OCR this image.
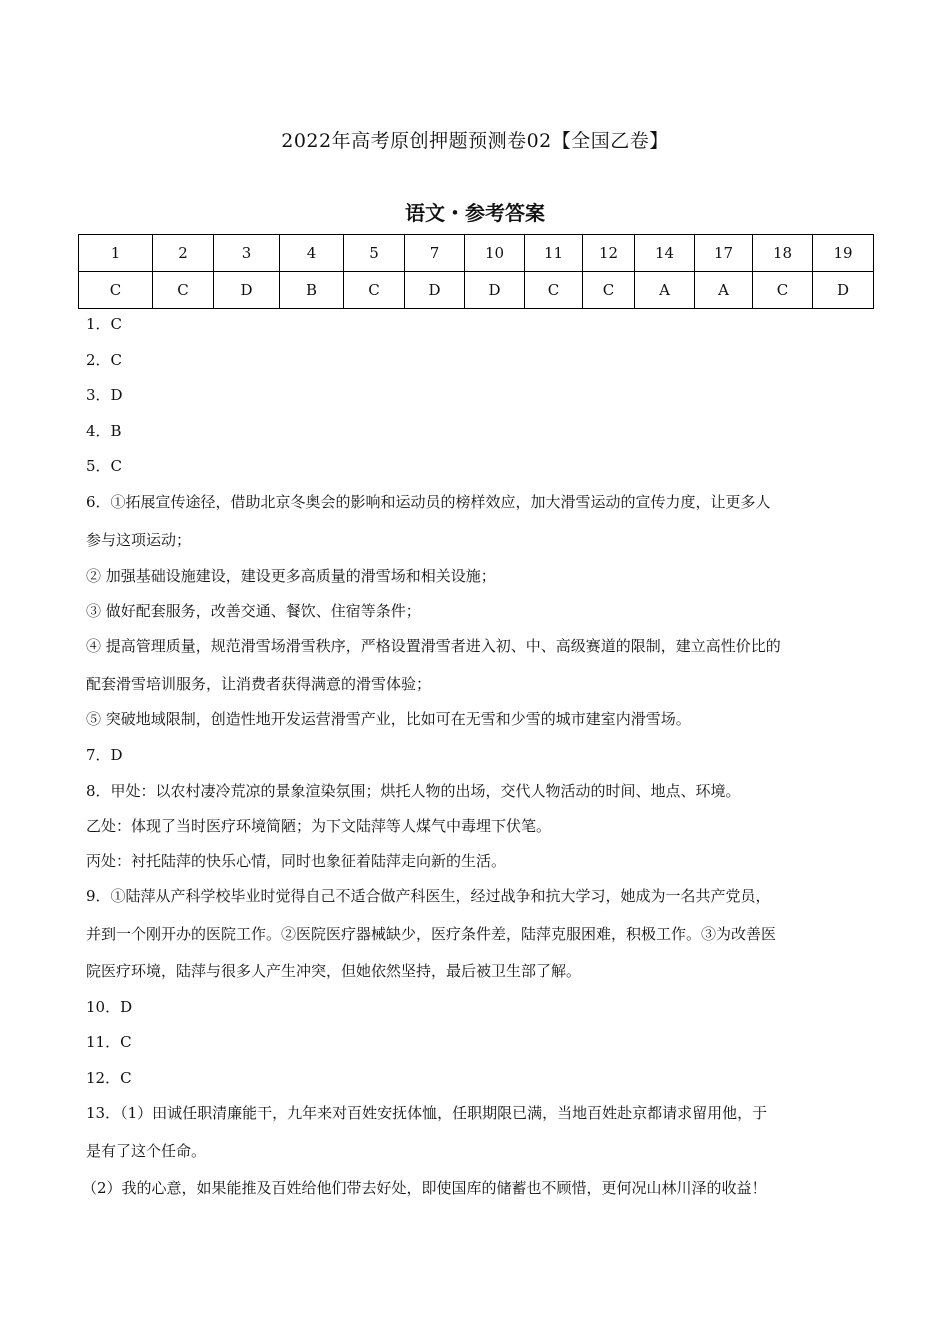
2022年高考原创押题预测卷02【全国乙卷】
语文・参考答案
1	2	3	4	5	7	10	11	12	14	17	18	19
C	C	D	B	C	D	D	C	C	A	A	C	D
1．C
2．C
3．D
4．B
5．C
6．①拓展宣传途径，借助北京冬奥会的影响和运动员的榜样效应，加大滑雪运动的宣传力度，让更多人
参与这项运动；
② 加强基础设施建设，建设更多高质量的滑雪场和相关设施；
③ 做好配套服务，改善交通、餐饮、住宿等条件；
④ 提高管理质量，规范滑雪场滑雪秩序，严格设置滑雪者进入初、中、高级赛道的限制，建立高性价比的
配套滑雪培训服务，让消费者获得满意的滑雪体验；
⑤ 突破地域限制，创造性地开发运营滑雪产业，比如可在无雪和少雪的城市建室内滑雪场。
7．D
8．甲处：以农村凄冷荒凉的景象渲染氛围；烘托人物的出场，交代人物活动的时间、地点、环境。
乙处：体现了当时医疗环境简陋；为下文陆萍等人煤气中毒埋下伏笔。
丙处：衬托陆萍的快乐心情，同时也象征着陆萍走向新的生活。
9．①陆萍从产科学校毕业时觉得自己不适合做产科医生，经过战争和抗大学习，她成为一名共产党员，
并到一个刚开办的医院工作。②医院医疗器械缺少，医疗条件差，陆萍克服困难，积极工作。③为改善医
院医疗环境，陆萍与很多人产生冲突，但她依然坚持，最后被卫生部了解。
10．D
11．C
12．C
13．（1）田诚任职清廉能干，九年来对百姓安抚体恤，任职期限已满，当地百姓赴京都请求留用他，于
是有了这个任命。
（2）我的心意，如果能推及百姓给他们带去好处，即使国库的储蓄也不顾惜，更何况山林川泽的收益！
